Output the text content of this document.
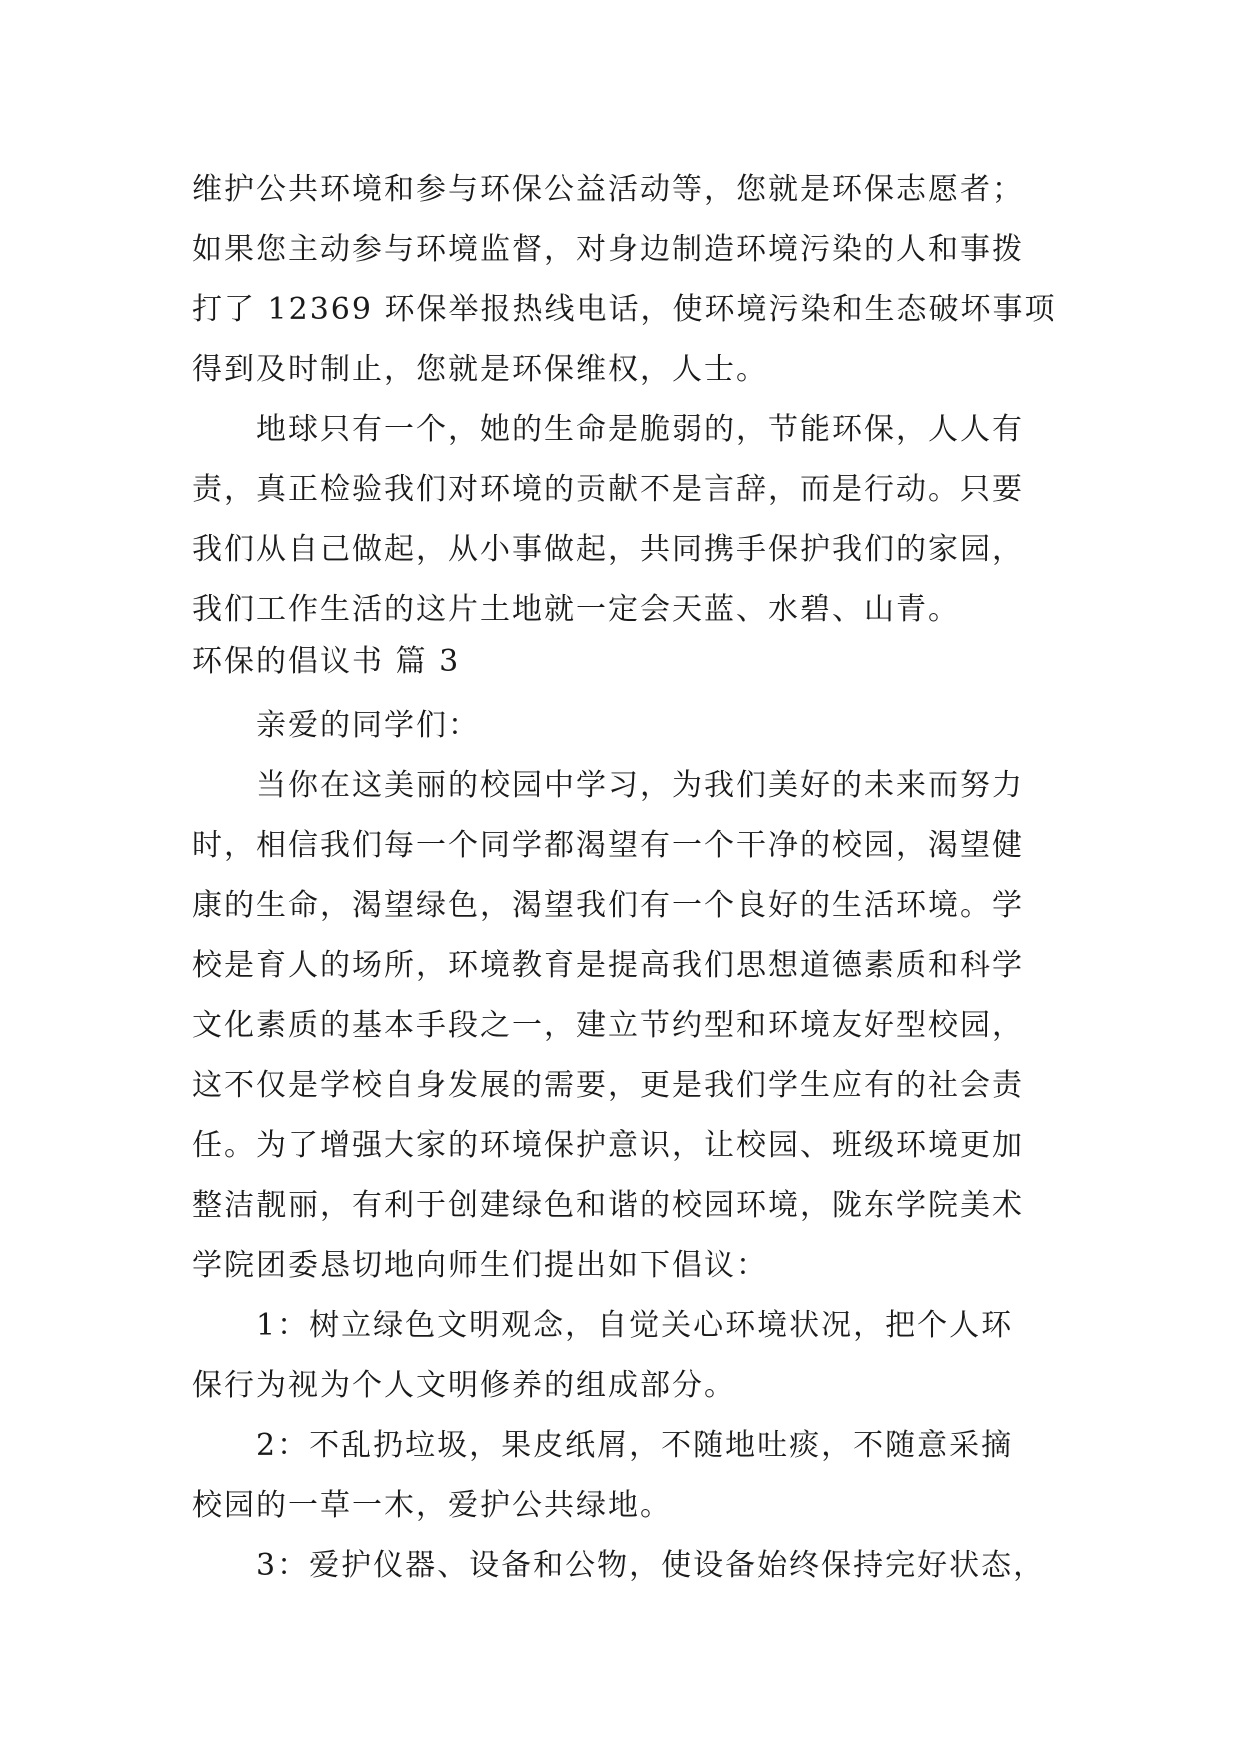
维护公共环境和参与环保公益活动等，您就是环保志愿者；
如果您主动参与环境监督，对身边制造环境污染的人和事拨
打了 12369 环保举报热线电话，使环境污染和生态破坏事项
得到及时制止，您就是环保维权，人士。
地球只有一个，她的生命是脆弱的，节能环保，人人有
责，真正检验我们对环境的贡献不是言辞，而是行动。只要
我们从自己做起，从小事做起，共同携手保护我们的家园，
我们工作生活的这片土地就一定会天蓝、水碧、山青。
环保的倡议书 篇 3
亲爱的同学们：
当你在这美丽的校园中学习，为我们美好的未来而努力
时，相信我们每一个同学都渴望有一个干净的校园，渴望健
康的生命，渴望绿色，渴望我们有一个良好的生活环境。学
校是育人的场所，环境教育是提高我们思想道德素质和科学
文化素质的基本手段之一，建立节约型和环境友好型校园，
这不仅是学校自身发展的需要，更是我们学生应有的社会责
任。为了增强大家的环境保护意识，让校园、班级环境更加
整洁靓丽，有利于创建绿色和谐的校园环境，陇东学院美术
学院团委恳切地向师生们提出如下倡议：
1：树立绿色文明观念，自觉关心环境状况，把个人环
保行为视为个人文明修养的组成部分。
2：不乱扔垃圾，果皮纸屑，不随地吐痰，不随意采摘
校园的一草一木，爱护公共绿地。
3：爱护仪器、设备和公物，使设备始终保持完好状态，
